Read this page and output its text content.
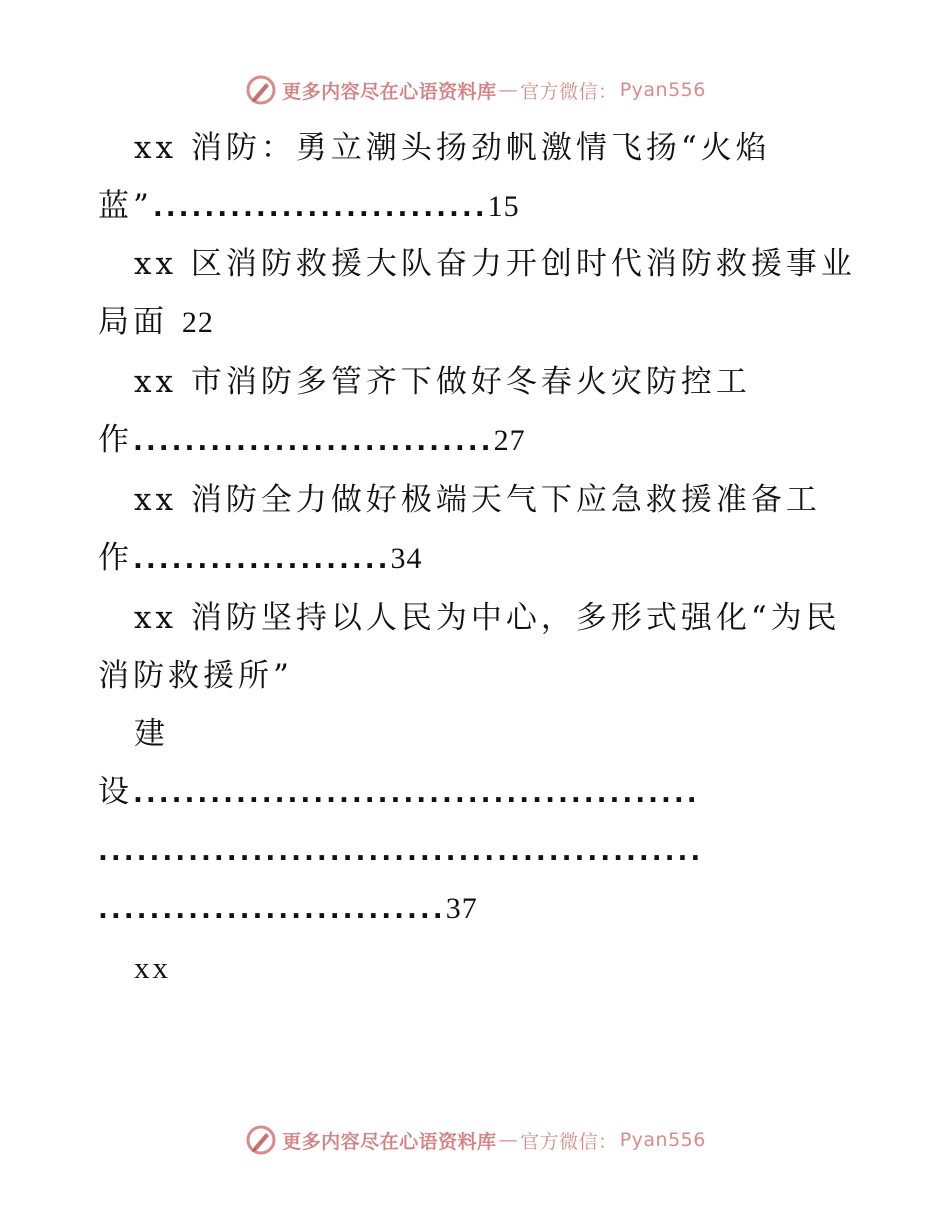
更多内容尽在心语资料库 — 官方微信： Pyan556
xx 消防：勇立潮头扬劲帆激情飞扬“火焰
蓝”..........................15
xx 区消防救援大队奋力开创时代消防救援事业
局面 22
xx 市消防多管齐下做好冬春火灾防控工
作............................27
xx 消防全力做好极端天气下应急救援准备工
作....................34
xx 消防坚持以人民为中心，多形式强化“为民
消防救援所”
建
设............................................
...............................................
...........................37
xx
更多内容尽在心语资料库 — 官方微信： Pyan556
